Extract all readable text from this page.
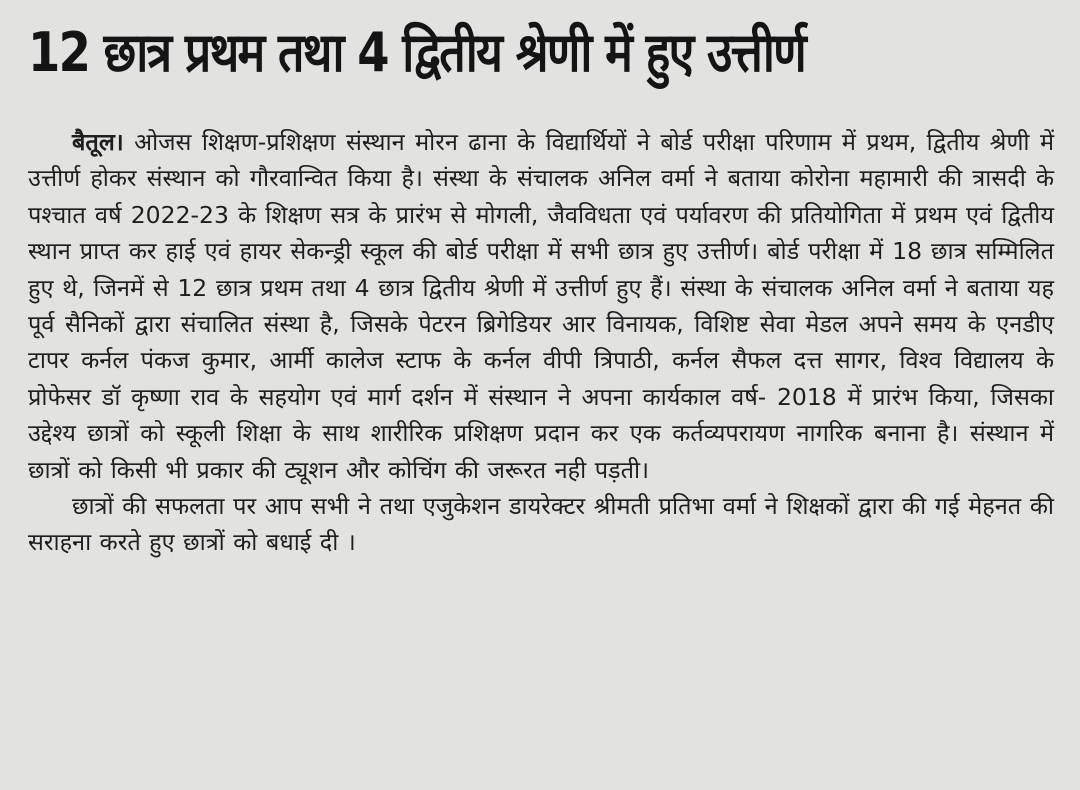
12 छात्र प्रथम तथा 4 द्वितीय श्रेणी में हुए उत्तीर्ण

बैतूल। ओजस शिक्षण-प्रशिक्षण संस्थान मोरन ढाना के विद्यार्थियों ने बोर्ड परीक्षा परिणाम में प्रथम, द्वितीय श्रेणी में उत्तीर्ण होकर संस्थान को गौरवान्वित किया है। संस्था के संचालक अनिल वर्मा ने बताया कोरोना महामारी की त्रासदी के पश्चात वर्ष 2022-23 के शिक्षण सत्र के प्रारंभ से मोगली, जैवविधता एवं पर्यावरण की प्रतियोगिता में प्रथम एवं द्वितीय स्थान प्राप्त कर हाई एवं हायर सेकन्ड्री स्कूल की बोर्ड परीक्षा में सभी छात्र हुए उत्तीर्ण। बोर्ड परीक्षा में 18 छात्र सम्मिलित हुए थे, जिनमें से 12 छात्र प्रथम तथा 4 छात्र द्वितीय श्रेणी में उत्तीर्ण हुए हैं। संस्था के संचालक अनिल वर्मा ने बताया यह पूर्व सैनिकों द्वारा संचालित संस्था है, जिसके पेटरन ब्रिगेडियर आर विनायक, विशिष्ट सेवा मेडल अपने समय के एनडीए टापर कर्नल पंकज कुमार, आर्मी कालेज स्टाफ के कर्नल वीपी त्रिपाठी, कर्नल सैफल दत्त सागर, विश्व विद्यालय के प्रोफेसर डॉ कृष्णा राव के सहयोग एवं मार्ग दर्शन में संस्थान ने अपना कार्यकाल वर्ष- 2018 में प्रारंभ किया, जिसका उद्देश्य छात्रों को स्कूली शिक्षा के साथ शारीरिक प्रशिक्षण प्रदान कर एक कर्तव्यपरायण नागरिक बनाना है। संस्थान में छात्रों को किसी भी प्रकार की ट्यूशन और कोचिंग की जरूरत नही पड़ती।

छात्रों की सफलता पर आप सभी ने तथा एजुकेशन डायरेक्टर श्रीमती प्रतिभा वर्मा ने शिक्षकों द्वारा की गई मेहनत की सराहना करते हुए छात्रों को बधाई दी ।
